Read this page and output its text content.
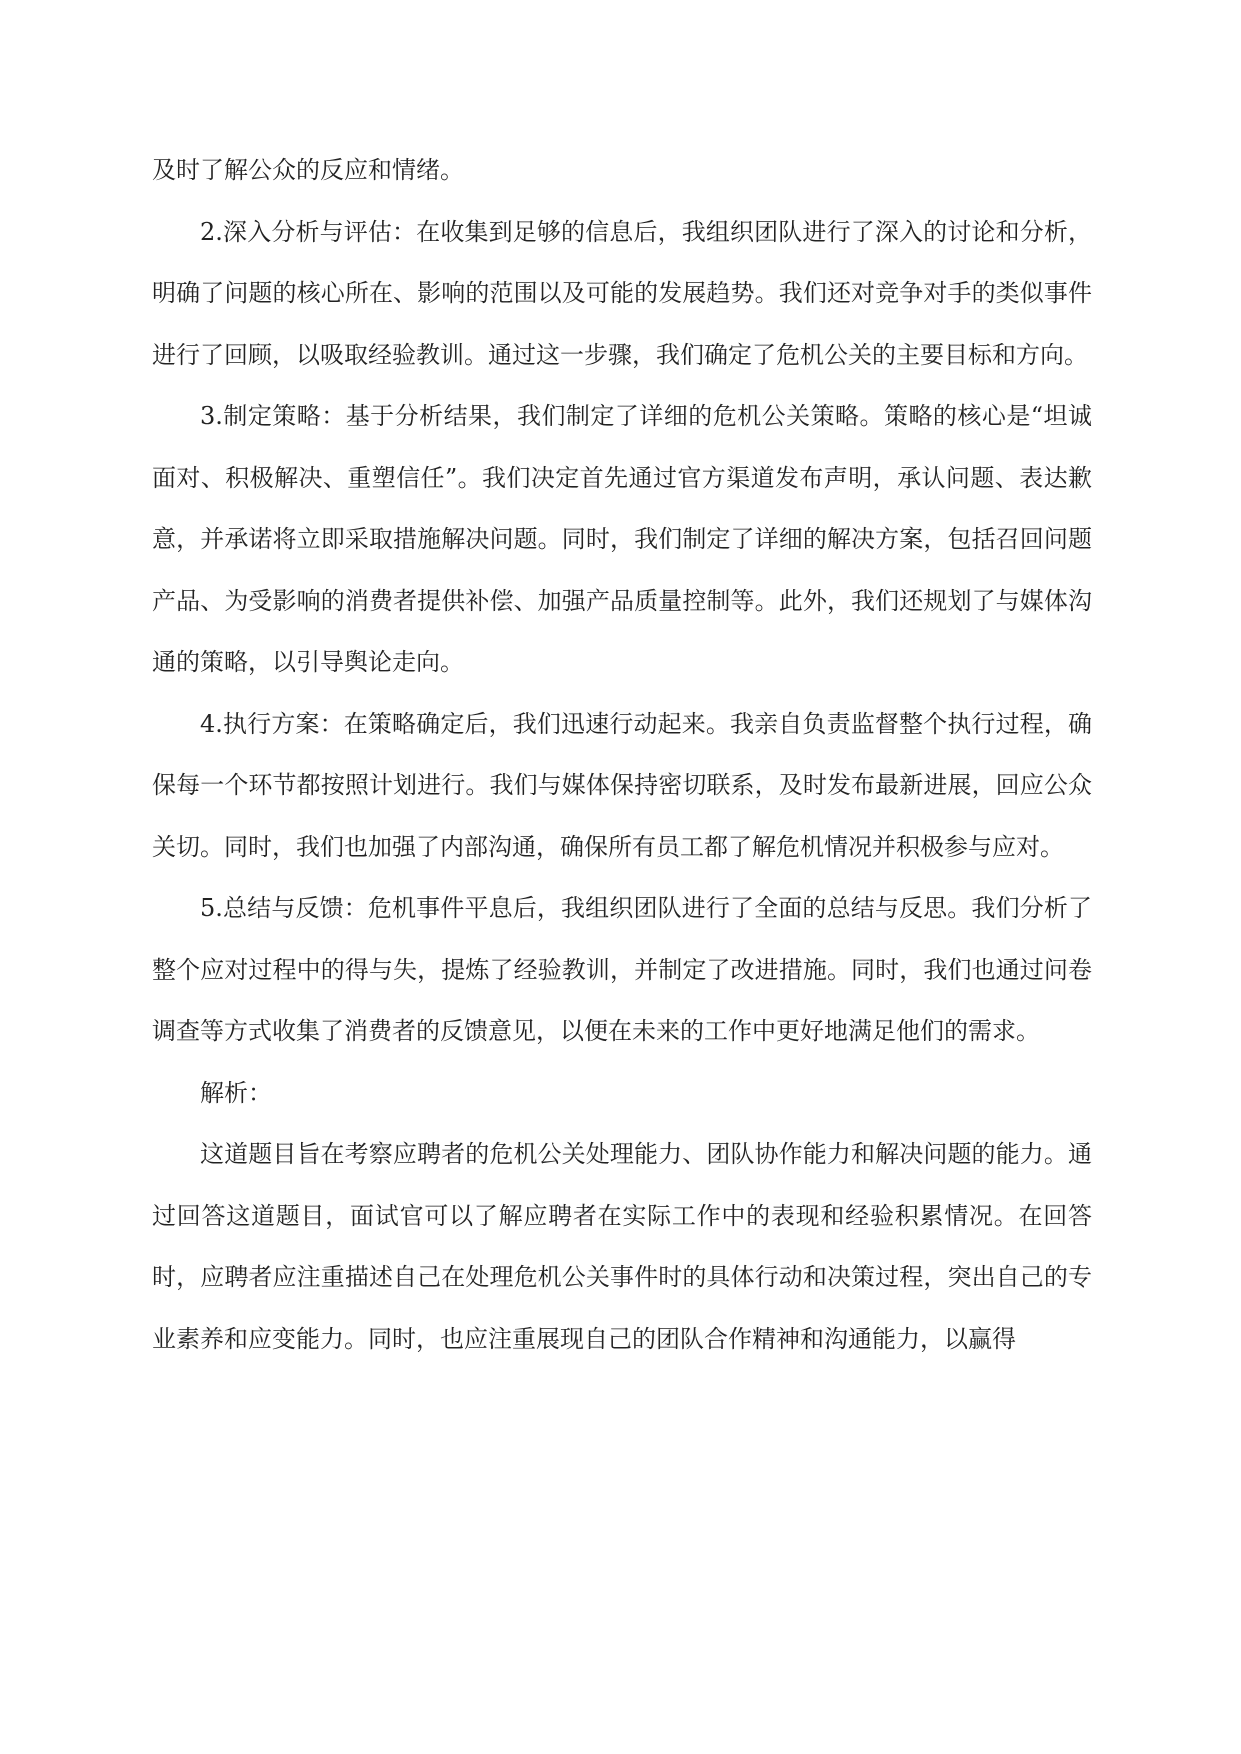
及时了解公众的反应和情绪。

2.深入分析与评估：在收集到足够的信息后，我组织团队进行了深入的讨论和分析，明确了问题的核心所在、影响的范围以及可能的发展趋势。我们还对竞争对手的类似事件进行了回顾，以吸取经验教训。通过这一步骤，我们确定了危机公关的主要目标和方向。

3.制定策略：基于分析结果，我们制定了详细的危机公关策略。策略的核心是“坦诚面对、积极解决、重塑信任”。我们决定首先通过官方渠道发布声明，承认问题、表达歉意，并承诺将立即采取措施解决问题。同时，我们制定了详细的解决方案，包括召回问题产品、为受影响的消费者提供补偿、加强产品质量控制等。此外，我们还规划了与媒体沟通的策略，以引导舆论走向。

4.执行方案：在策略确定后，我们迅速行动起来。我亲自负责监督整个执行过程，确保每一个环节都按照计划进行。我们与媒体保持密切联系，及时发布最新进展，回应公众关切。同时，我们也加强了内部沟通，确保所有员工都了解危机情况并积极参与应对。

5.总结与反馈：危机事件平息后，我组织团队进行了全面的总结与反思。我们分析了整个应对过程中的得与失，提炼了经验教训，并制定了改进措施。同时，我们也通过问卷调查等方式收集了消费者的反馈意见，以便在未来的工作中更好地满足他们的需求。

解析：

这道题目旨在考察应聘者的危机公关处理能力、团队协作能力和解决问题的能力。通过回答这道题目，面试官可以了解应聘者在实际工作中的表现和经验积累情况。在回答时，应聘者应注重描述自己在处理危机公关事件时的具体行动和决策过程，突出自己的专业素养和应变能力。同时，也应注重展现自己的团队合作精神和沟通能力，以赢得
